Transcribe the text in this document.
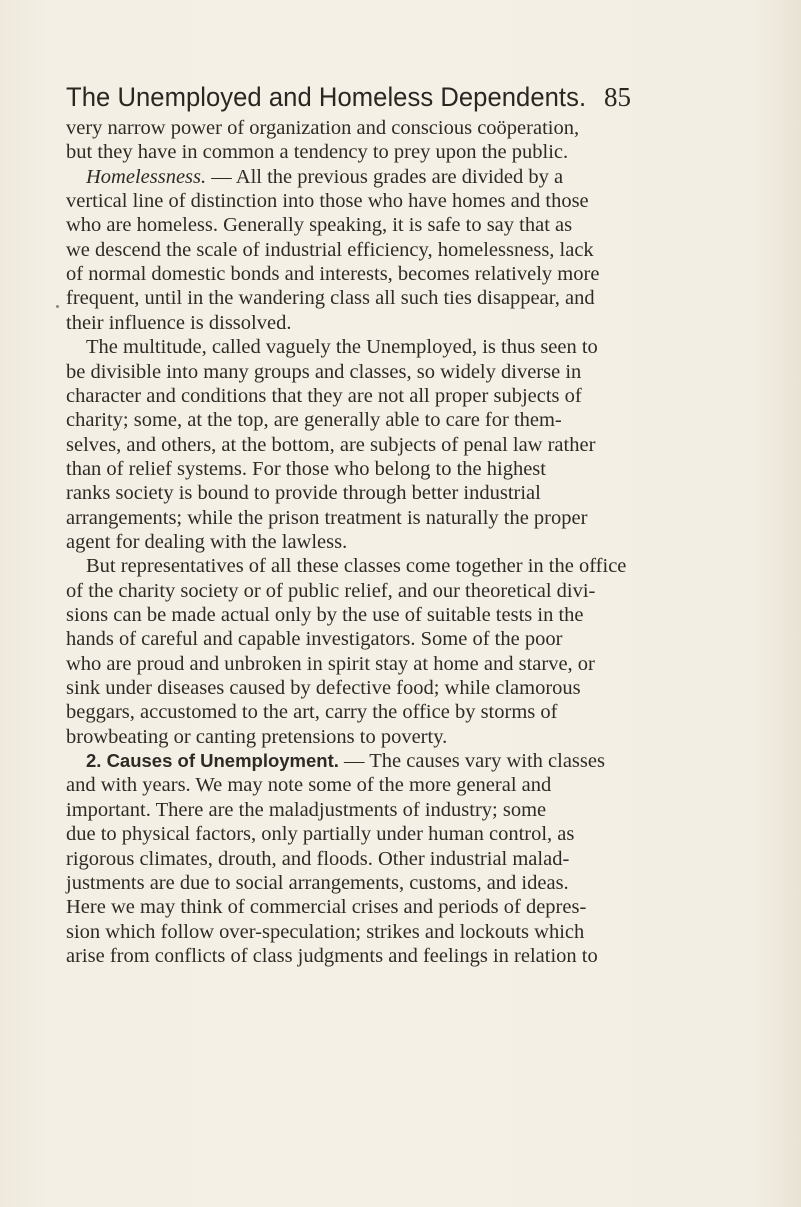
The Unemployed and Homeless Dependents. 85
very narrow power of organization and conscious coöperation,
but they have in common a tendency to prey upon the public.
Homelessness. — All the previous grades are divided by a
vertical line of distinction into those who have homes and those
who are homeless. Generally speaking, it is safe to say that as
we descend the scale of industrial efficiency, homelessness, lack
of normal domestic bonds and interests, becomes relatively more
frequent, until in the wandering class all such ties disappear, and
their influence is dissolved.
The multitude, called vaguely the Unemployed, is thus seen to
be divisible into many groups and classes, so widely diverse in
character and conditions that they are not all proper subjects of
charity; some, at the top, are generally able to care for them-
selves, and others, at the bottom, are subjects of penal law rather
than of relief systems. For those who belong to the highest
ranks society is bound to provide through better industrial
arrangements; while the prison treatment is naturally the proper
agent for dealing with the lawless.
But representatives of all these classes come together in the office
of the charity society or of public relief, and our theoretical divi-
sions can be made actual only by the use of suitable tests in the
hands of careful and capable investigators. Some of the poor
who are proud and unbroken in spirit stay at home and starve, or
sink under diseases caused by defective food; while clamorous
beggars, accustomed to the art, carry the office by storms of
browbeating or canting pretensions to poverty.
2. Causes of Unemployment. — The causes vary with classes
and with years. We may note some of the more general and
important. There are the maladjustments of industry; some
due to physical factors, only partially under human control, as
rigorous climates, drouth, and floods. Other industrial malad-
justments are due to social arrangements, customs, and ideas.
Here we may think of commercial crises and periods of depres-
sion which follow over-speculation; strikes and lockouts which
arise from conflicts of class judgments and feelings in relation to
